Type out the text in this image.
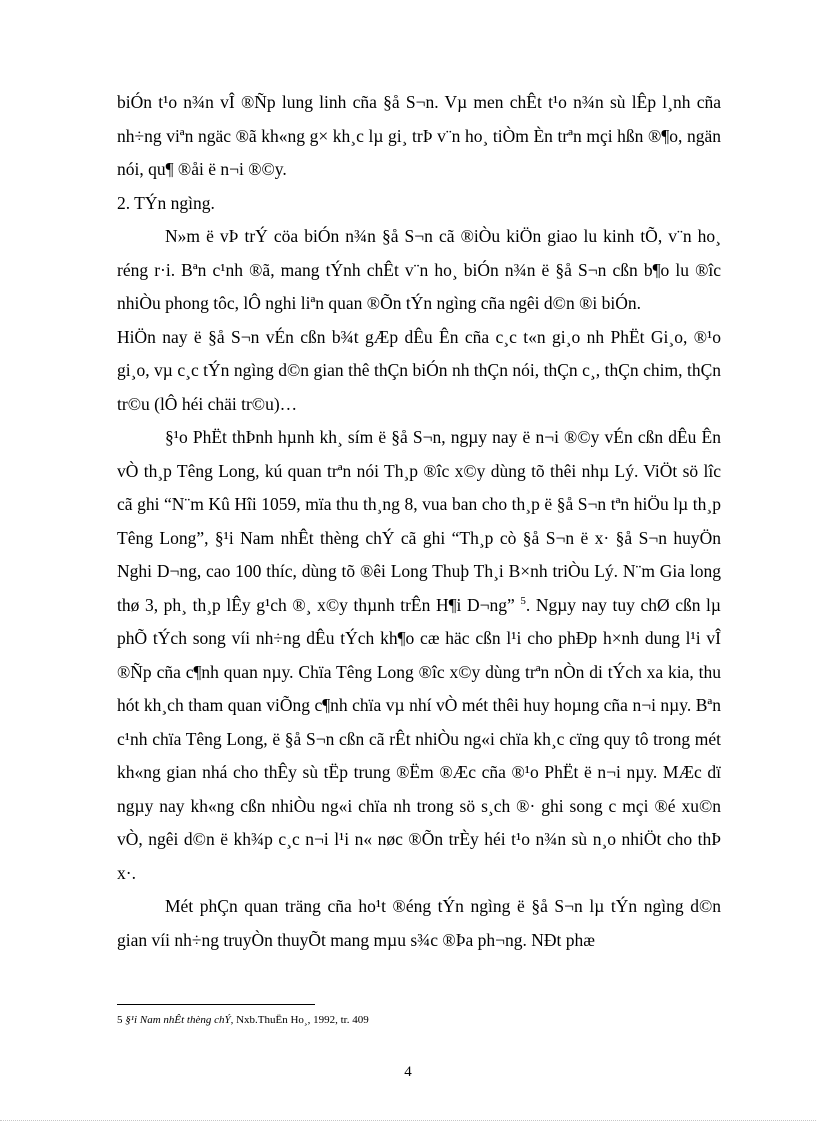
biÓn t¹o n¾n vÎ ®Ñp lung linh cña §å S¬n. Vµ men chÊt t¹o n¾n sù lÊp l¸nh cña nh÷ng viªn ngäc ®ã kh«ng g× kh¸c lµ gi¸ trÞ v¨n ho¸ tiÒm Èn trªn mçi hßn ®¶o, ngän nói, qu¶ ®åi ë n¬i ®©y.

2. TÝn ngìng.

N»m ë vÞ trÝ cöa biÓn n¾n §å S¬n cã ®iÒu kiÖn giao lu kinh tÕ, v¨n ho¸ réng r·i. Bªn c¹nh ®ã, mang tÝnh chÊt v¨n ho¸ biÓn n¾n ë §å S¬n cßn b¶o lu ®îc nhiÒu phong tôc, lÔ nghi liªn quan ®Õn tÝn ngìng cña ngêi d©n ®i biÓn.

HiÖn nay ë §å S¬n vÉn cßn b¾t gÆp dÊu Ên cña c¸c t«n gi¸o nh PhËt Gi¸o, ®¹o gi¸o, vµ c¸c tÝn ngìng d©n gian thê thÇn biÓn nh thÇn nói, thÇn c¸, thÇn chim, thÇn tr©u (lÔ héi chäi tr©u)…

§¹o PhËt thÞnh hµnh kh¸ sím ë §å S¬n, ngµy nay ë n¬i ®©y vÉn cßn dÊu Ên vÒ th¸p Têng Long, kú quan trªn nói Th¸p ®îc x©y dùng tõ thêi nhµ Lý. ViÖt sö lîc cã ghi “N¨m Kû Hîi 1059, mïa thu th¸ng 8, vua ban cho th¸p ë §å S¬n tªn hiÖu lµ th¸p Têng Long”, §¹i Nam nhÊt thèng chÝ cã ghi “Th¸p cò §å S¬n ë x· §å S¬n huyÖn Nghi D¬ng, cao 100 thíc, dùng tõ ®êi Long Thuþ Th¸i B×nh triÒu Lý. N¨m Gia long thø 3, ph¸ th¸p lÊy g¹ch ®¸ x©y thµnh trÊn H¶i D¬ng” $^5$. Ngµy nay tuy chØ cßn lµ phÕ tÝch song víi nh÷ng dÊu tÝch kh¶o cæ häc cßn l¹i cho phÐp h×nh dung l¹i vÎ ®Ñp cña c¶nh quan nµy. Chïa Têng Long ®îc x©y dùng trªn nÒn di tÝch xa kia, thu hót kh¸ch tham quan viÕng c¶nh chïa vµ nhí vÒ mét thêi huy hoµng cña n¬i nµy. Bªn c¹nh chïa Têng Long, ë §å S¬n cßn cã rÊt nhiÒu ng«i chïa kh¸c cïng quy tô trong mét kh«ng gian nhá cho thÊy sù tËp trung ®Ëm ®Æc cña ®¹o PhËt ë n¬i nµy. MÆc dï ngµy nay kh«ng cßn nhiÒu ng«i chïa nh trong sö s¸ch ®· ghi song c mçi ®é xu©n vÒ, ngêi d©n ë kh¾p c¸c n¬i l¹i n« nøc ®Õn trÈy héi t¹o n¾n sù n¸o nhiÖt cho thÞ x·.

Mét phÇn quan träng cña ho¹t ®éng tÝn ngìng ë §å S¬n lµ tÝn ngìng d©n gian víi nh÷ng truyÒn thuyÕt mang mµu s¾c ®Þa ph¬ng. NÐt phæ

5 §¹i Nam nhÊt thèng chÝ, Nxb.ThuËn Ho¸, 1992, tr. 409
4
